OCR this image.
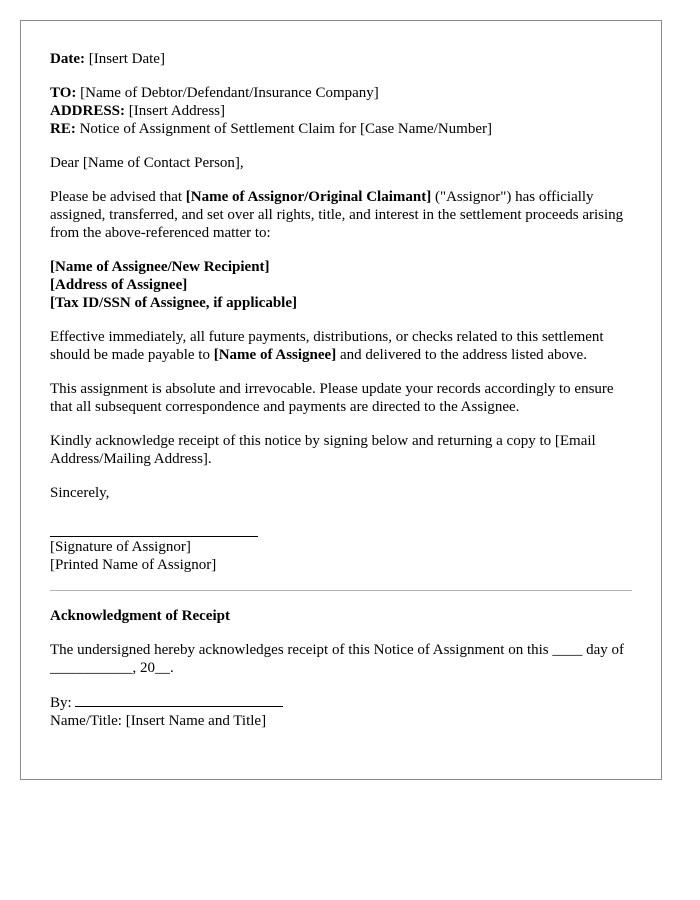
Date: [Insert Date]
TO: [Name of Debtor/Defendant/Insurance Company]
ADDRESS: [Insert Address]
RE: Notice of Assignment of Settlement Claim for [Case Name/Number]
Dear [Name of Contact Person],
Please be advised that [Name of Assignor/Original Claimant] ("Assignor") has officially assigned, transferred, and set over all rights, title, and interest in the settlement proceeds arising from the above-referenced matter to:
[Name of Assignee/New Recipient]
[Address of Assignee]
[Tax ID/SSN of Assignee, if applicable]
Effective immediately, all future payments, distributions, or checks related to this settlement should be made payable to [Name of Assignee] and delivered to the address listed above.
This assignment is absolute and irrevocable. Please update your records accordingly to ensure that all subsequent correspondence and payments are directed to the Assignee.
Kindly acknowledge receipt of this notice by signing below and returning a copy to [Email Address/Mailing Address].
Sincerely,
[Signature of Assignor]
[Printed Name of Assignor]
Acknowledgment of Receipt
The undersigned hereby acknowledges receipt of this Notice of Assignment on this ____ day of ___________, 20__.
By:
Name/Title: [Insert Name and Title]
